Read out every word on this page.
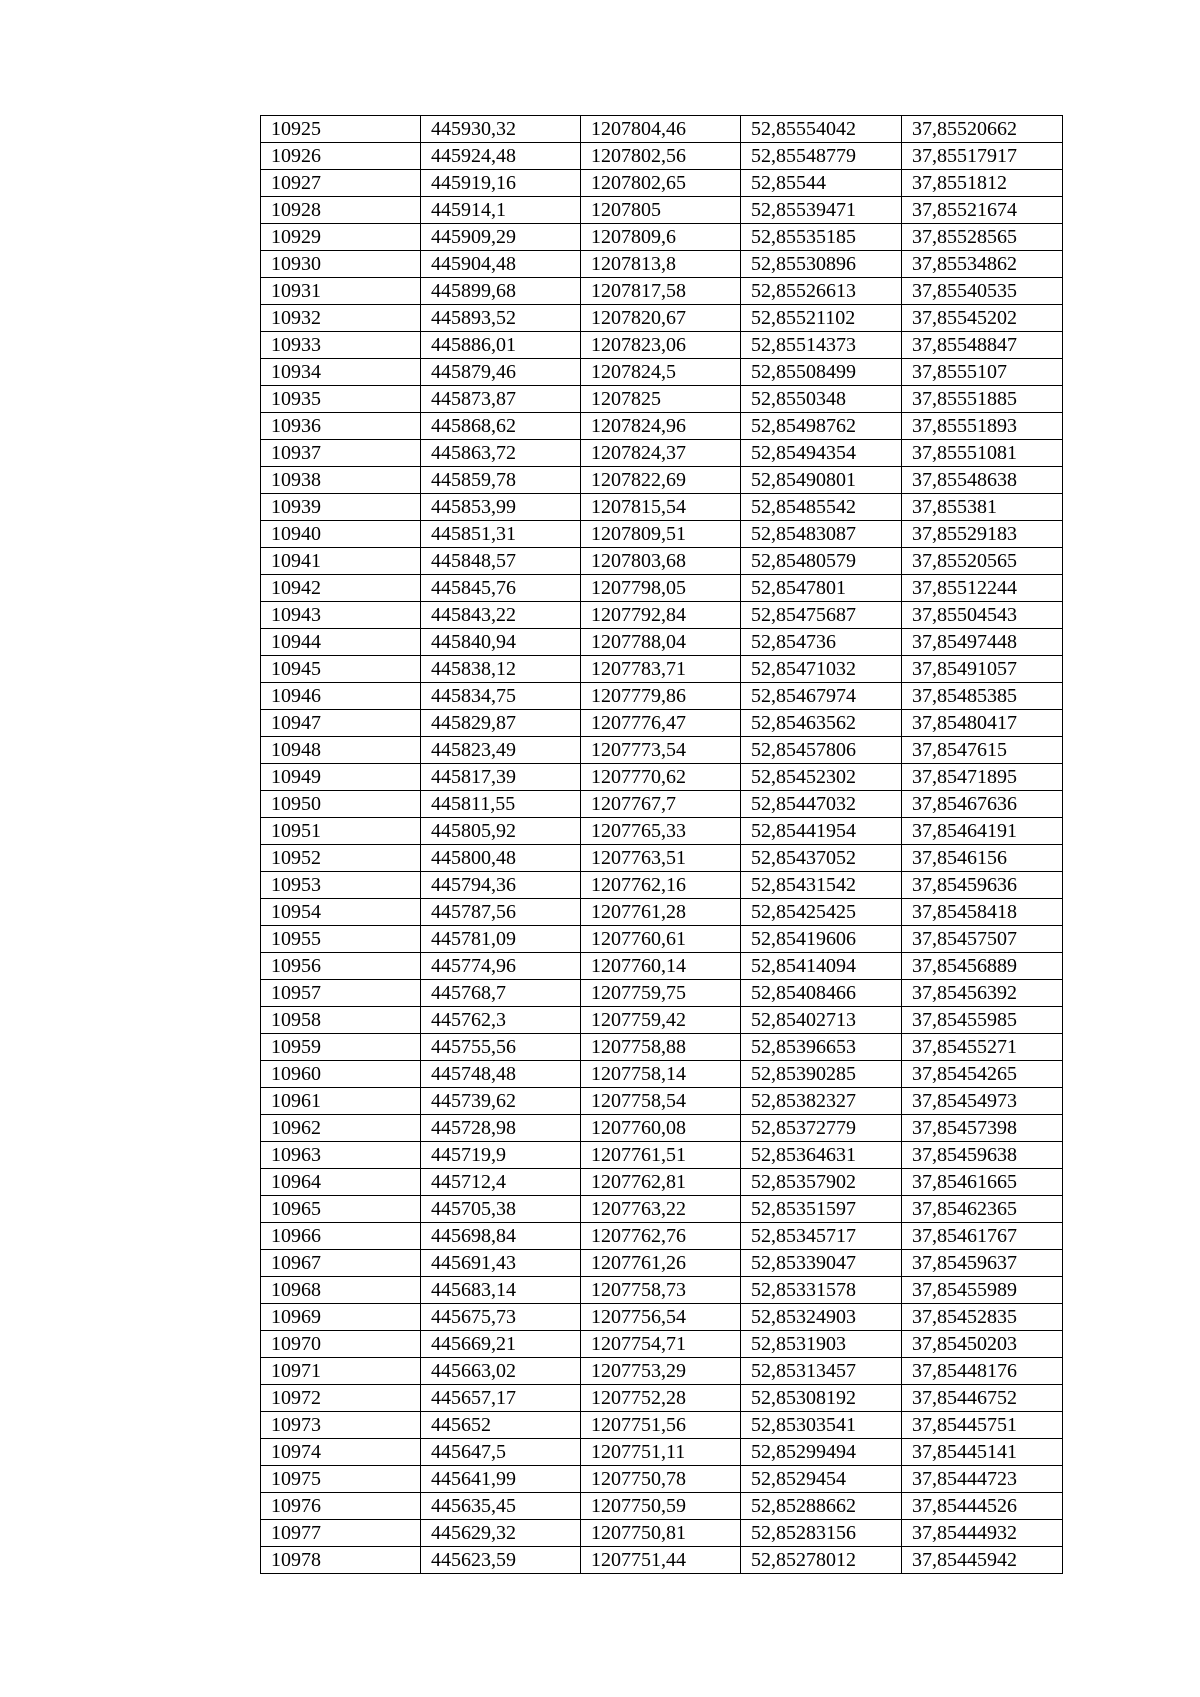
10925	445930,32	1207804,46	52,85554042	37,85520662
10926	445924,48	1207802,56	52,85548779	37,85517917
10927	445919,16	1207802,65	52,85544	37,8551812
10928	445914,1	1207805	52,85539471	37,85521674
10929	445909,29	1207809,6	52,85535185	37,85528565
10930	445904,48	1207813,8	52,85530896	37,85534862
10931	445899,68	1207817,58	52,85526613	37,85540535
10932	445893,52	1207820,67	52,85521102	37,85545202
10933	445886,01	1207823,06	52,85514373	37,85548847
10934	445879,46	1207824,5	52,85508499	37,8555107
10935	445873,87	1207825	52,8550348	37,85551885
10936	445868,62	1207824,96	52,85498762	37,85551893
10937	445863,72	1207824,37	52,85494354	37,85551081
10938	445859,78	1207822,69	52,85490801	37,85548638
10939	445853,99	1207815,54	52,85485542	37,855381
10940	445851,31	1207809,51	52,85483087	37,85529183
10941	445848,57	1207803,68	52,85480579	37,85520565
10942	445845,76	1207798,05	52,8547801	37,85512244
10943	445843,22	1207792,84	52,85475687	37,85504543
10944	445840,94	1207788,04	52,854736	37,85497448
10945	445838,12	1207783,71	52,85471032	37,85491057
10946	445834,75	1207779,86	52,85467974	37,85485385
10947	445829,87	1207776,47	52,85463562	37,85480417
10948	445823,49	1207773,54	52,85457806	37,8547615
10949	445817,39	1207770,62	52,85452302	37,85471895
10950	445811,55	1207767,7	52,85447032	37,85467636
10951	445805,92	1207765,33	52,85441954	37,85464191
10952	445800,48	1207763,51	52,85437052	37,8546156
10953	445794,36	1207762,16	52,85431542	37,85459636
10954	445787,56	1207761,28	52,85425425	37,85458418
10955	445781,09	1207760,61	52,85419606	37,85457507
10956	445774,96	1207760,14	52,85414094	37,85456889
10957	445768,7	1207759,75	52,85408466	37,85456392
10958	445762,3	1207759,42	52,85402713	37,85455985
10959	445755,56	1207758,88	52,85396653	37,85455271
10960	445748,48	1207758,14	52,85390285	37,85454265
10961	445739,62	1207758,54	52,85382327	37,85454973
10962	445728,98	1207760,08	52,85372779	37,85457398
10963	445719,9	1207761,51	52,85364631	37,85459638
10964	445712,4	1207762,81	52,85357902	37,85461665
10965	445705,38	1207763,22	52,85351597	37,85462365
10966	445698,84	1207762,76	52,85345717	37,85461767
10967	445691,43	1207761,26	52,85339047	37,85459637
10968	445683,14	1207758,73	52,85331578	37,85455989
10969	445675,73	1207756,54	52,85324903	37,85452835
10970	445669,21	1207754,71	52,8531903	37,85450203
10971	445663,02	1207753,29	52,85313457	37,85448176
10972	445657,17	1207752,28	52,85308192	37,85446752
10973	445652	1207751,56	52,85303541	37,85445751
10974	445647,5	1207751,11	52,85299494	37,85445141
10975	445641,99	1207750,78	52,8529454	37,85444723
10976	445635,45	1207750,59	52,85288662	37,85444526
10977	445629,32	1207750,81	52,85283156	37,85444932
10978	445623,59	1207751,44	52,85278012	37,85445942
